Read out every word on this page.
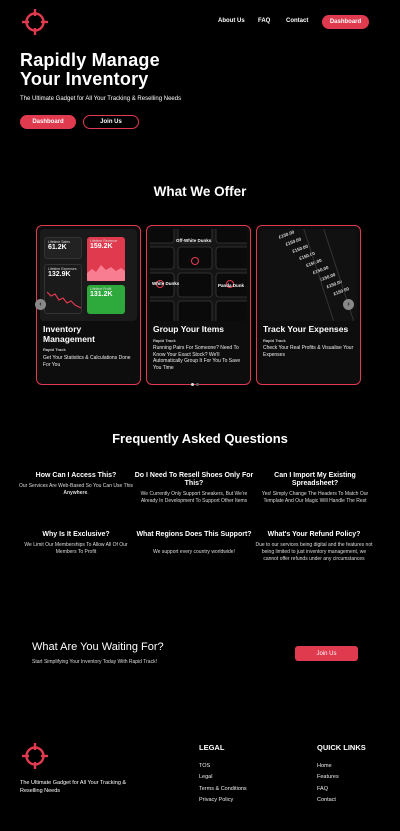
About Us FAQ	Contact	Dashboard
Rapidly Manage
Your Inventory
The Ultimate Gadget for All Your Tracking & Reselling Needs
Dashboard	Join Us
What We Offer
Lifetime Sales
61.2K
Lifetime Revenue
159.2K
Lifetime Expenses
132.9K
Lifetime Profit
131.2K
Inventory
Management
Rapid Track
Get Your Statistics & Calculations Done For You
Off-White Dunks
White Dunks	Panda Dunk
Group Your Items
Rapid Track
Running Pairs For Someone? Need To Know Your Exact Stock? We'll Automatically Group It For You To Save You Time
£150.00
£150.00
£150.00
£150.00
£150.00
£150.00
£150.00
£150.00
£150.00
Track Your Expenses
Rapid Track
Check Your Real Profits & Visualise Your Expenses
‹	›
Frequently Asked Questions
How Can I Access This?
Our Services Are Web-Based So You Can Use This Anywhere.
Do I Need To Resell Shoes Only For This?
We Currently Only Support Sneakers, But We're Already In Development To Support Other Items
Can I Import My Existing Spreadsheet?
Yes! Simply Change The Headers To Match Our Template And Our Magic Will Handle The Rest
Why Is It Exclusive?
We Limit Our Memberships To Allow All Of Our Members To Profit
What Regions Does This Support?
We support every country worldwide!
What's Your Refund Policy?
Due to our services being digital and the features not being limited to just inventory management, we cannot offer refunds under any circumstances
What Are You Waiting For?
Start Simplifying Your Inventory Today With Rapid Track!
Join Us
The Ultimate Gadget for All Your Tracking & Reselling Needs
LEGAL
TOS
Legal
Terms & Conditions
Privacy Policy
QUICK LINKS
Home
Features
FAQ
Contact
